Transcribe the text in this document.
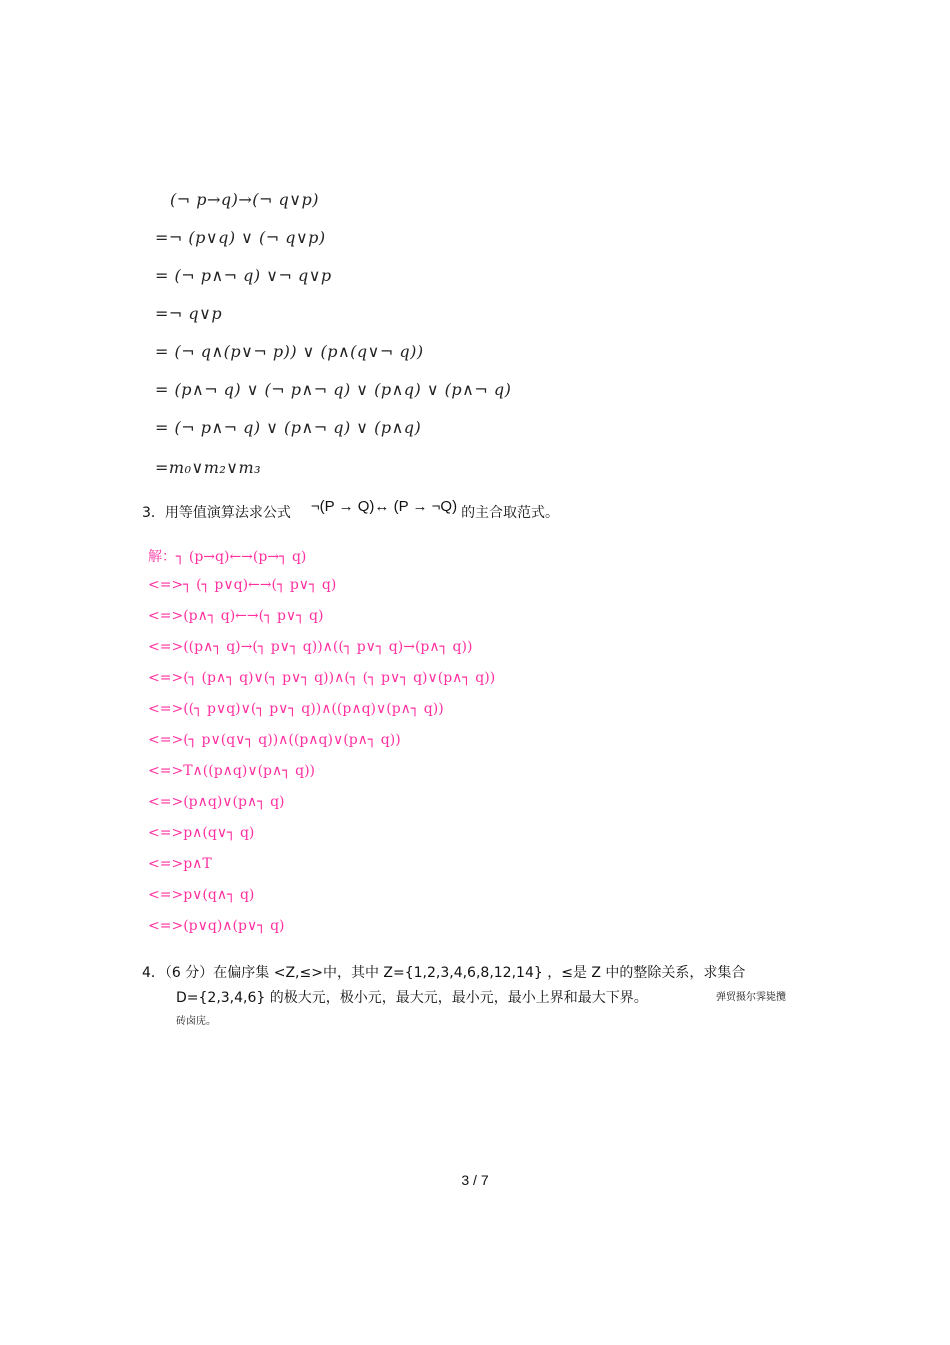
(¬ p→q)→(¬ q∨p)
=¬ (p∨q) ∨ (¬ q∨p)
= (¬ p∧¬ q) ∨¬ q∨p
=¬ q∨p
= (¬ q∧(p∨¬ p)) ∨ (p∧(q∨¬ q))
= (p∧¬ q) ∨ (¬ p∧¬ q) ∨ (p∧q) ∨ (p∧¬ q)
= (¬ p∧¬ q) ∨ (p∧¬ q) ∨ (p∧q)
=m₀∨m₂∨m₃
3．用等值演算法求公式 ¬(P → Q)↔ (P → ¬Q) 的主合取范式。
解：┐ (p→q)←→(p→┐ q)
<=>┐ (┐ p∨q)←→(┐ p∨┐ q)
<=>(p∧┐ q)←→(┐ p∨┐ q)
<=>((p∧┐ q)→(┐ p∨┐ q))∧((┐ p∨┐ q)→(p∧┐ q))
<=>(┐ (p∧┐ q)∨(┐ p∨┐ q))∧(┐ (┐ p∨┐ q)∨(p∧┐ q))
<=>((┐ p∨q)∨(┐ p∨┐ q))∧((p∧q)∨(p∧┐ q))
<=>(┐ p∨(q∨┐ q))∧((p∧q)∨(p∧┐ q))
<=>T∧((p∧q)∨(p∧┐ q))
<=>(p∧q)∨(p∧┐ q)
<=>p∧(q∨┐ q)
<=>p∧T
<=>p∨(q∧┐ q)
<=>(p∨q)∧(p∨┐ q)
4．（6 分）在偏序集 <Z,≤>中，其中 Z={1,2,3,4,6,8,12,14} ，≤是 Z 中的整除关系，求集合
D={2,3,4,6} 的极大元，极小元，最大元，最小元，最小上界和最大下界。	弹贸摄尔霁毙攬
砖卤庑。
3 / 7
